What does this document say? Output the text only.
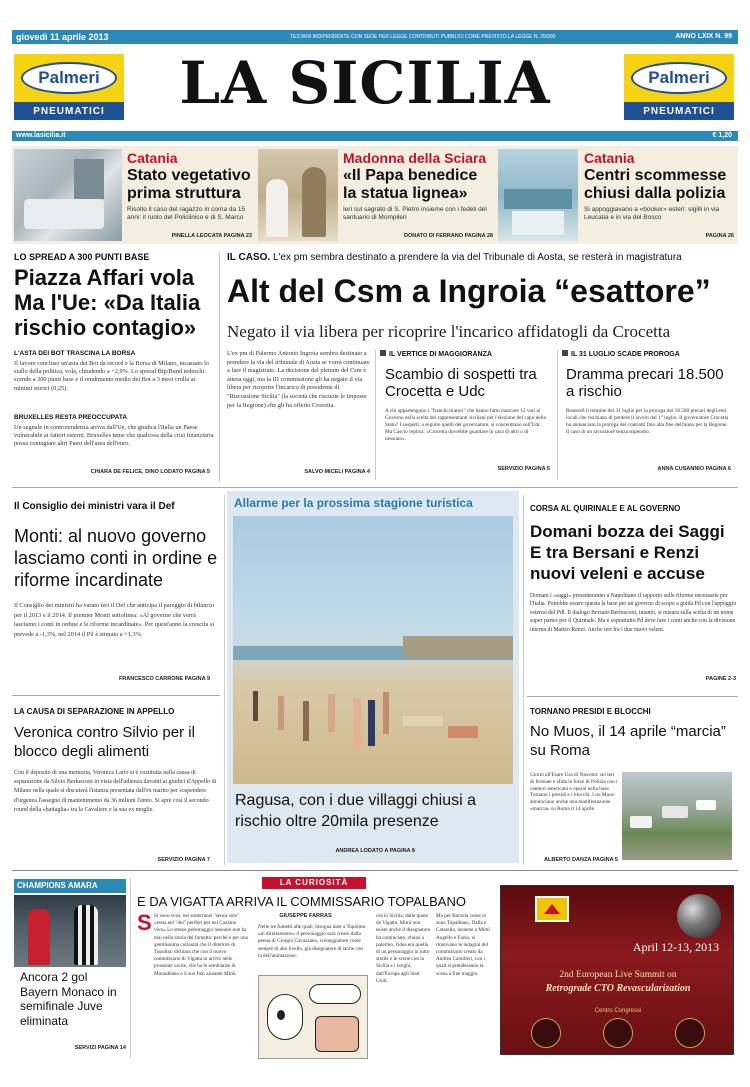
giovedì 11 aprile 2013	TESTATA INDIPENDENTE CON SEDE PER LEGGE CONTRIBUTI PUBBLICI COME PREVISTO LA LEGGE N. 250/90	ANNO LXIX N. 99
Palmeri
PNEUMATICI
Palmeri
PNEUMATICI
LA SICILIA
www.lasicilia.it	€ 1,20
Catania
Stato vegetativo prima struttura
Risolto il caso del ragazzo in coma da 15 anni: il ruolo del Policlinico e di S. Marco
PINELLA LEOCATA PAGINA 23
Madonna della Sciara
«Il Papa benedice la statua lignea»
Ieri sul sagrato di S. Pietro insieme con i fedeli del santuario di Mompileri
DONATO DI FERRANO PAGINA 28
Catania
Centri scommesse chiusi dalla polizia
Si appoggiavano a «booker» esteri: sigilli in via Leucatia e in via del Bosco
PAGINA 26
LO SPREAD A 300 PUNTI BASE
Piazza Affari vola Ma l'Ue: «Da Italia rischio contagio»
L'ASTA DEI BOT TRASCINA LA BORSA
Il favore concluso un'asta dei Bot da record e la Borsa di Milano, incassato lo stallo della politica, vola, chiudendo a +2,9%. Lo spread Btp/Bund tedeschi scende a 300 punti base e il rendimento medio dei Bot a 3 mesi crolla ai minimi storici (0,25).
BRUXELLES RESTA PREOCCUPATA
Un segnale in controtendenza arriva dall'Ue, che giudica l'Italia un Paese vulnerabile ai fattori esterni. Bruxelles teme che qualcosa della crisi finanziaria possa contagiare altri Paesi dell'area dell'euro.
CHIARA DE FELICE, DINO LODATO PAGINA 5
IL CASO. L'ex pm sembra destinato a prendere la via del Tribunale di Aosta, se resterà in magistratura
Alt del Csm a Ingroia “esattore”
Negato il via libera per ricoprire l'incarico affidatogli da Crocetta
L'ex pm di Palermo Antonio Ingroia sembra destinato a prendere la via del tribunale di Aosta se vorrà continuare a fare il magistrato. La decisione del plenum del Csm è attesa oggi, ma la III commissione gli ha negato il via libera per ricoprire l'incarico di presidente di "Riscossione Sicilia" (la società che riscuote le imposte per la Regione) che gli ha offerto Crocetta.
SALVO MICELI PAGINA 4
IL VERTICE DI MAGGIORANZA
Scambio di sospetti tra Crocetta e Udc
A chi appartengono i "franchi tiratori" che hanno fatto mancare 12 voti al Governo nella scelta dei rappresentanti siciliani per l'elezione del capo dello Stato? I sospetti, a seguire quelli del governatore, si concentrano sull'Udc. Ma Cascio replica: «Crocetta dovrebbe guardare in casa di altri o di nessuno».
SERVIZIO PAGINA 5
IL 31 LUGLIO SCADE PROROGA
Dramma precari 18.500 a rischio
Restereб il termine del 31 luglio per la proroga dei 18.500 precari degli enti locali che rischiano di perdere il lavoro dal 1° luglio. Il governatore Crocetta ha annunciato la proroga dei contratti fino alla fine dell'anno per la Regione. Il caso di un lavoratore senza stipendio.
ANNA CUSANNIO PAGINA 6
Il Consiglio dei ministri vara il Def
Monti: al nuovo governo lasciamo conti in ordine e riforme incardinate
Il Consiglio dei ministri ha varato ieri il Def che anticipa il pareggio di bilancio per il 2013 e il 2014. Il premier Monti sottolinea: «Al governo che verrà lasciamo i conti in ordine e le riforme incardinate». Per quest'anno la crescita si prevede a -1,3%, nel 2014 il Pil è stimato a +1,3%.
FRANCESCO CARRONE PAGINA 9
LA CAUSA DI SEPARAZIONE IN APPELLO
Veronica contro Silvio per il blocco degli alimenti
Con il deposito di una memoria, Veronica Lario si è costituita nella causa di separazione da Silvio Berlusconi in vista dell'udienza davanti ai giudici d'Appello di Milano nella quale si discuterà l'istanza presentata dall'ex marito per sospendere d'urgenza l'assegno di mantenimento da 36 milioni l'anno. Si apre così il secondo round della «battaglia» tra la Cavaliere e la sua ex moglie.
SERVIZIO PAGINA 7
Allarme per la prossima stagione turistica
Ragusa, con i due villaggi chiusi a rischio oltre 20mila presenze
ANDREA LODATO A PAGINA 8
CORSA AL QUIRINALE E AL GOVERNO
Domani bozza dei Saggi E tra Bersani e Renzi nuovi veleni e accuse
Domani i «saggi» presenteranno a Napolitano il rapporto sulle riforme necessarie per l'Italia. Potrebbe essere questa la base per un governo di scopo a guida Pd con l'appoggio esterno del Pdl. Il dialogo Bersani-Berlusconi, intanto, si misura sulla scelta di un nome super partes per il Quirinale. Ma è soprattutto Pd deve fare i conti anche con la divisione interna di Matteo Renzi. Anche ieri fra i due nuovi veleni.
PAGINE 2-3
TORNANO PRESIDI E BLOCCHI
No Muos, il 14 aprile “marcia” su Roma
Giorni all'Esare Usa di Niscemi: sei ieri di fermate e sfida le forze di Polizia con i cantieri americani e operai nella base. Tornano i presidi e i blocchi. I no Muos annunciano anche una manifestazione «marcia» su Roma il 14 aprile.
ALBERTO DANZA PAGINA 5
CHAMPIONS AMARA
Ancora 2 gol Bayern Monaco in semifinale Juve eliminata
SERVIZI PAGINA 14
LA CURIOSITÀ
E DA VIGATTA ARRIVA IL COMMISSARIO TOPALBANO
S Si sono svisi, nei sotterranei "senza sole" «resta nel "dei" periferi per nel Cazzino vivo» Lo stesso personaggio nessuno non ha mai nella storia del fumetto: perché è per una gentilissima curiosità che il direttore di Topolino dichiara che con il nuovo commissario di Vigatta in arrivo nelle prossime uscite, che ha le sembianze di Montalbano e il suo fido aiutante Mimì.
GIUSEPPE FARRAS
Nelle tre fumetti alle quali, bisogna dare a Topolino: «in dirottamento» il personaggio sarà creato dalla penna di Giorgio Cavazzano, sceneggiatore come sempre di alto livello, già disegnatore di storie con la dell'animazione.
ora in Sicilia, dalle quote da Vigatta. Mimì non esiste anche il disegnatore ha cominciato, chiusi a palermo, l'idea era quella di un personaggio in tutto simile e le scene con la Sicilia e i borghi, dall'Europa agli Stati Uniti.
Ma per Borsola come io sono Topalbano, Dalla e Catarella, insieme a Mimì Augello e Fazio, si rinnovano le indagini del commissario creato da Andrea Camilleri, con i quali si prenderanno la scena a fine maggio.
April 12-13, 2013
2nd European Live Summit on
Retrograde CTO Revascularization
Centro Congressi
